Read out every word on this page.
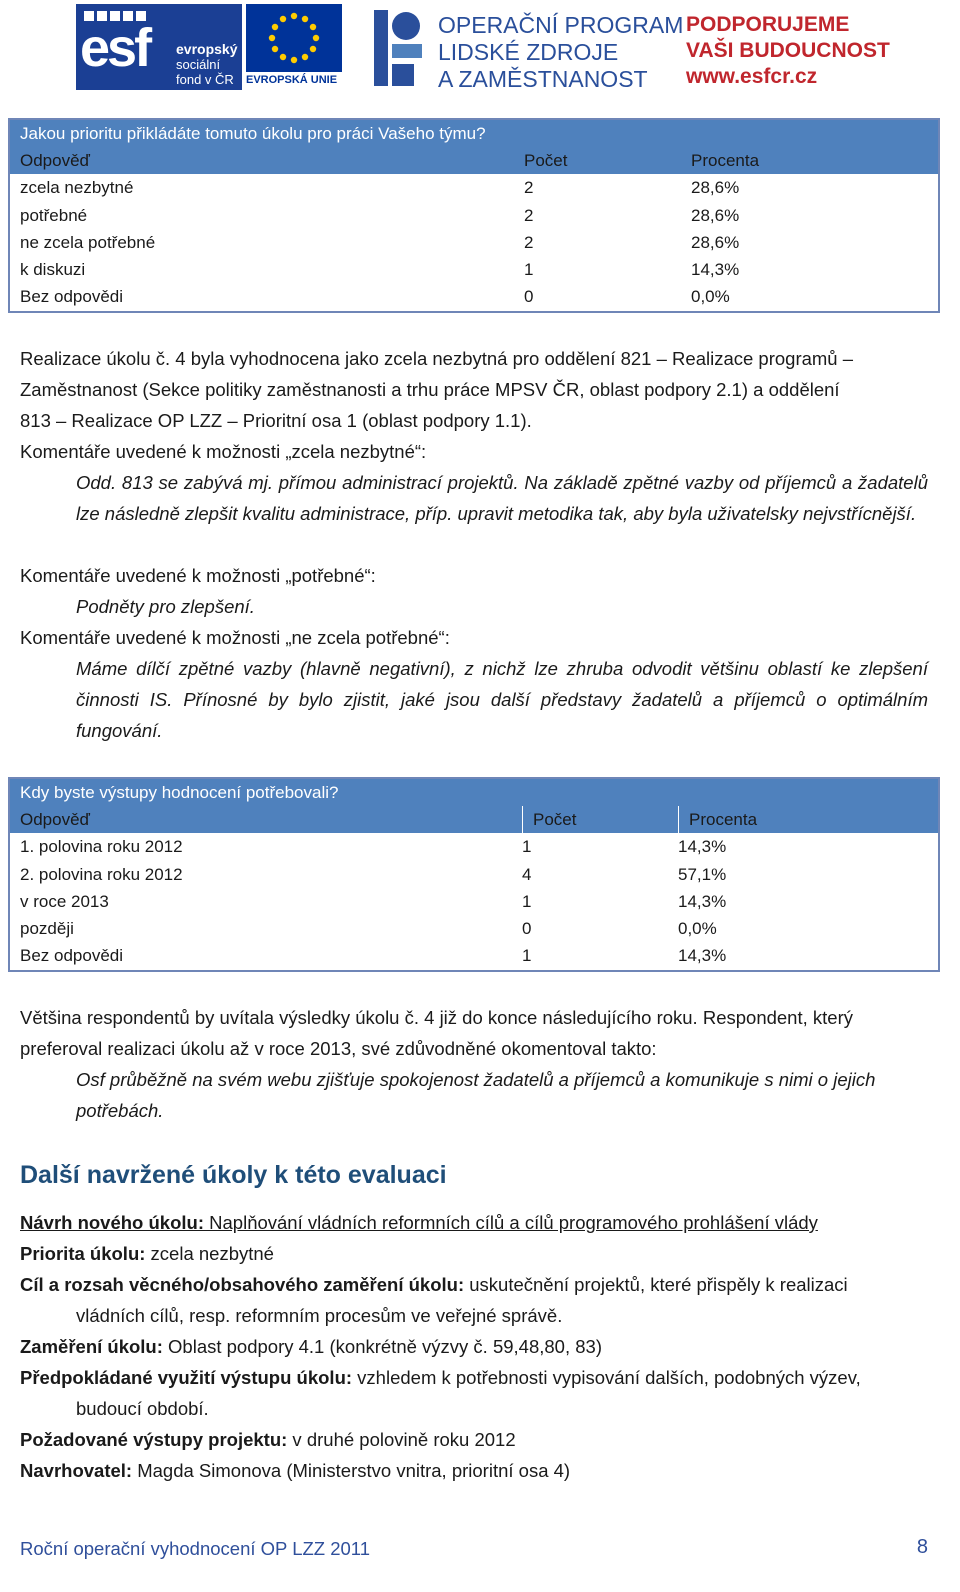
esf evropský
sociální
fond v ČR	EVROPSKÁ UNIE
OPERAČNÍ PROGRAM
LIDSKÉ ZDROJE
A ZAMĚSTNANOST
PODPORUJEME
VAŠI BUDOUCNOST
www.esfcr.cz
Jakou prioritu přikládáte tomuto úkolu pro práci Vašeho týmu?
Odpověď	Počet	Procenta
zcela nezbytné	2	28,6%
potřebné	2	28,6%
ne zcela potřebné	2	28,6%
k diskuzi	1	14,3%
Bez odpovědi	0	0,0%
Realizace úkolu č. 4 byla vyhodnocena jako zcela nezbytná pro oddělení 821 – Realizace programů –
Zaměstnanost (Sekce politiky zaměstnanosti a trhu práce MPSV ČR, oblast podpory 2.1) a oddělení
813 – Realizace OP LZZ – Prioritní osa 1 (oblast podpory 1.1).
Komentáře uvedené k možnosti „zcela nezbytné“:
Odd. 813 se zabývá mj. přímou administrací projektů. Na základě zpětné vazby od příjemců a žadatelů lze následně zlepšit kvalitu administrace, příp. upravit metodika tak, aby byla uživatelsky nejvstřícnější.
Komentáře uvedené k možnosti „potřebné“:
Podněty pro zlepšení.
Komentáře uvedené k možnosti „ne zcela potřebné“:
Máme dílčí zpětné vazby (hlavně negativní), z nichž lze zhruba odvodit většinu oblastí ke zlepšení činnosti IS. Přínosné by bylo zjistit, jaké jsou další představy žadatelů a příjemců o optimálním fungování.
Kdy byste výstupy hodnocení potřebovali?
Odpověď	Počet	Procenta
1. polovina roku 2012	1	14,3%
2. polovina roku 2012	4	57,1%
v roce 2013	1	14,3%
později	0	0,0%
Bez odpovědi	1	14,3%
Většina respondentů by uvítala výsledky úkolu č. 4 již do konce následujícího roku. Respondent, který
preferoval realizaci úkolu až v roce 2013, své zdůvodněné okomentoval takto:
Osf průběžně na svém webu zjišťuje spokojenost žadatelů a příjemců a komunikuje s nimi o jejich potřebách.
Další navržené úkoly k této evaluaci
Návrh nového úkolu: Naplňování vládních reformních cílů a cílů programového prohlášení vlády
Priorita úkolu: zcela nezbytné
Cíl a rozsah věcného/obsahového zaměření úkolu: uskutečnění projektů, které přispěly k realizaci
vládních cílů, resp. reformním procesům ve veřejné správě.
Zaměření úkolu: Oblast podpory 4.1 (konkrétně výzvy č. 59,48,80, 83)
Předpokládané využití výstupu úkolu: vzhledem k potřebnosti vypisování dalších, podobných výzev,
budoucí období.
Požadované výstupy projektu: v druhé polovině roku 2012
Navrhovatel: Magda Simonova (Ministerstvo vnitra, prioritní osa 4)
Roční operační vyhodnocení OP LZZ 2011	8
